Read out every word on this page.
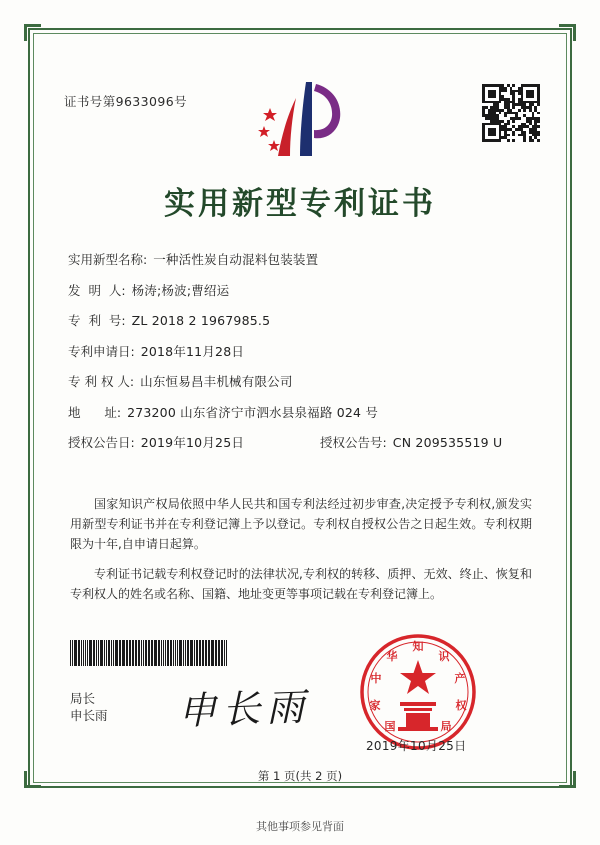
证书号第9633096号
实用新型专利证书
实用新型名称: 一种活性炭自动混料包装装置
发  明  人: 杨涛;杨波;曹绍运
专  利  号: ZL 2018 2 1967985.5
专利申请日: 2018年11月28日
专 利 权 人: 山东恒易昌丰机械有限公司
地      址: 273200 山东省济宁市泗水县泉福路 024 号
授权公告日: 2019年10月25日	授权公告号: CN 209535519 U

国家知识产权局依照中华人民共和国专利法经过初步审查,决定授予专利权,颁发实用新型专利证书并在专利登记簿上予以登记。专利权自授权公告之日起生效。专利权期限为十年,自申请日起算。

专利证书记载专利权登记时的法律状况,专利权的转移、质押、无效、终止、恢复和专利权人的姓名或名称、国籍、地址变更等事项记载在专利登记簿上。

局长
申长雨 申长雨
知
识
产
权
局
国
家
中
华
2019年10月25日
第 1 页(共 2 页)
其他事项参见背面
